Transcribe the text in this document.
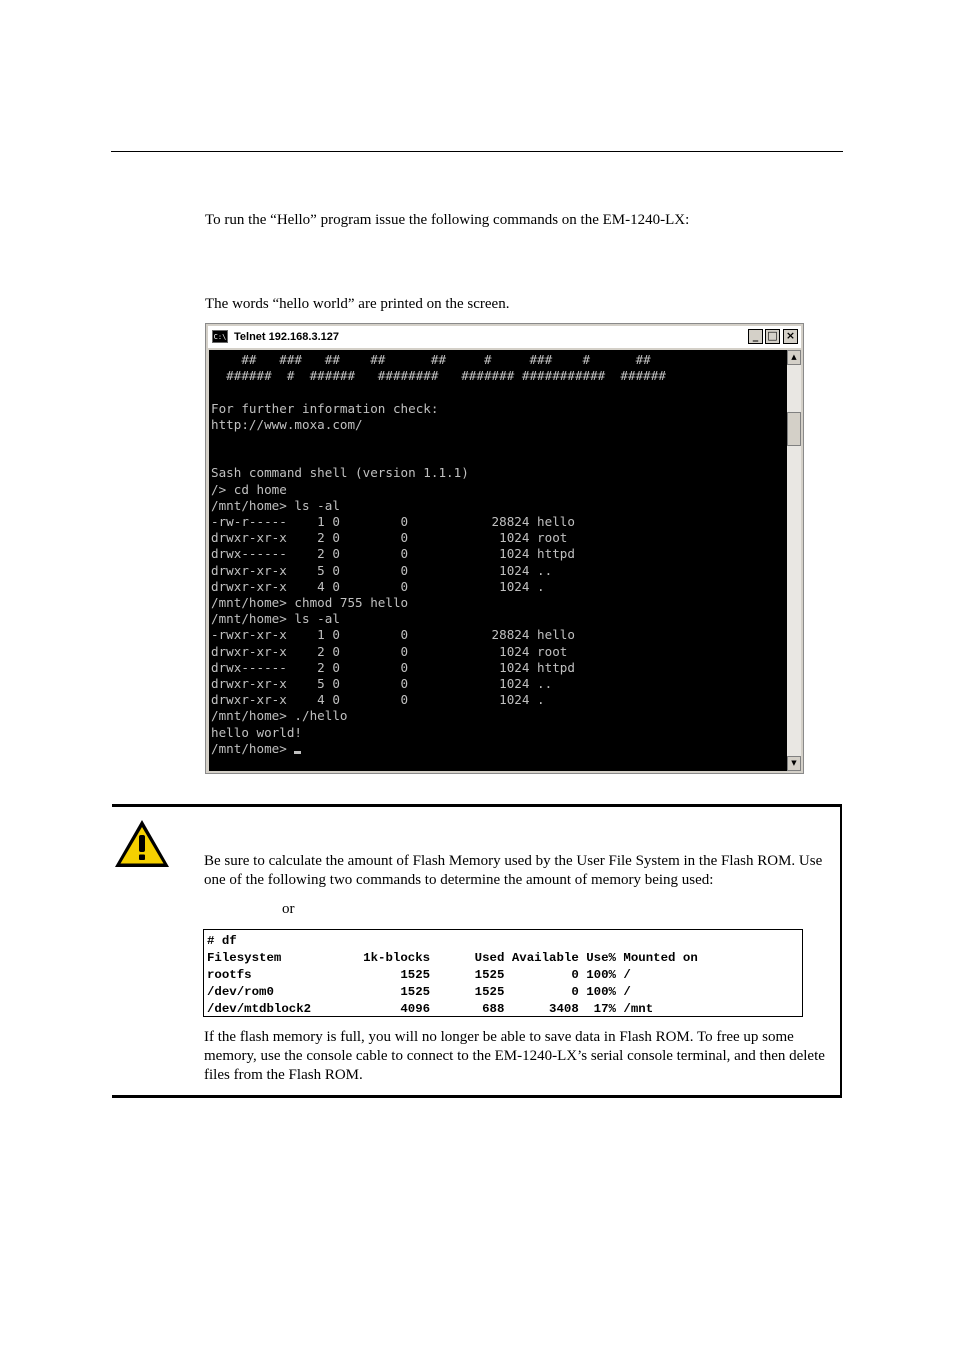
To run the “Hello” program issue the following commands on the EM-1240-LX:

The words “hello world” are printed on the screen.

C:\ Telnet 192.168.3.127	_ □ ×
##   ###   ##    ##      ##     #     ###    #      ##
######  #  ######   ########   ####### ###########  ######

For further information check:
http://www.moxa.com/

Sash command shell (version 1.1.1)
/> cd home
/mnt/home> ls -al
-rw-r-----    1 0        0           28824 hello
drwxr-xr-x    2 0        0            1024 root
drwx------    2 0        0            1024 httpd
drwxr-xr-x    5 0        0            1024 ..
drwxr-xr-x    4 0        0            1024 .
/mnt/home> chmod 755 hello
/mnt/home> ls -al
-rwxr-xr-x    1 0        0           28824 hello
drwxr-xr-x    2 0        0            1024 root
drwx------    2 0        0            1024 httpd
drwxr-xr-x    5 0        0            1024 ..
drwxr-xr-x    4 0        0            1024 .
/mnt/home> ./hello
hello world!
/mnt/home>
▲
▼

Be sure to calculate the amount of Flash Memory used by the User File System in the Flash ROM. Use one of the following two commands to determine the amount of memory being used:

or

# df
Filesystem           1k-blocks      Used Available Use% Mounted on
rootfs                    1525      1525         0 100% /
/dev/rom0                 1525      1525         0 100% /
/dev/mtdblock2            4096       688      3408  17% /mnt

If the flash memory is full, you will no longer be able to save data in Flash ROM. To free up some memory, use the console cable to connect to the EM-1240-LX’s serial console terminal, and then delete files from the Flash ROM.
